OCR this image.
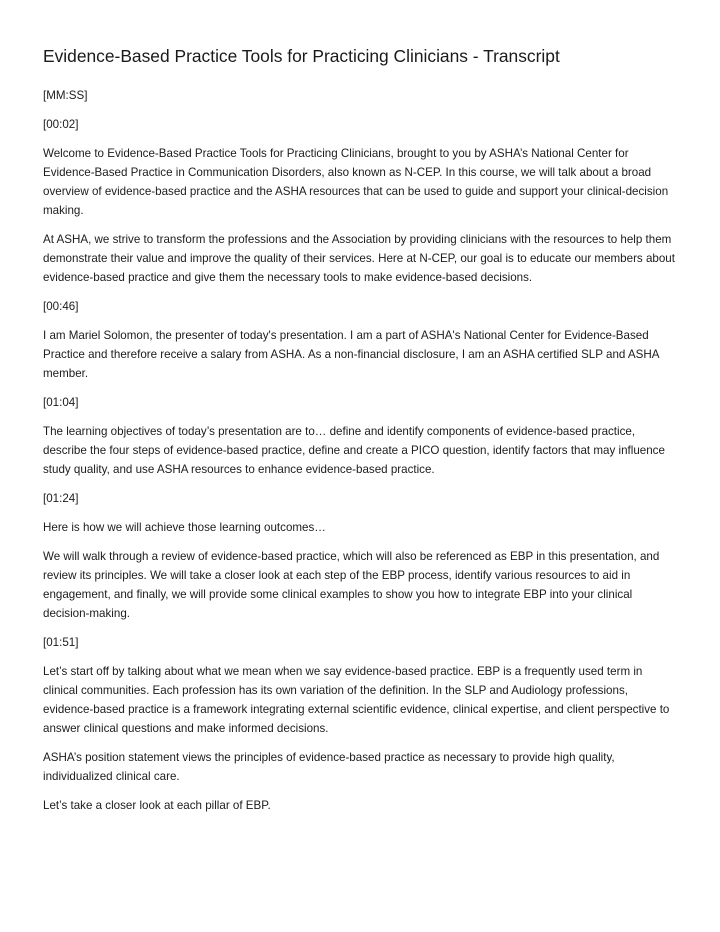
Evidence-Based Practice Tools for Practicing Clinicians - Transcript

[MM:SS]

[00:02]

Welcome to Evidence-Based Practice Tools for Practicing Clinicians, brought to you by ASHA’s National Center for Evidence-Based Practice in Communication Disorders, also known as N-CEP. In this course, we will talk about a broad overview of evidence-based practice and the ASHA resources that can be used to guide and support your clinical-decision making.

At ASHA, we strive to transform the professions and the Association by providing clinicians with the resources to help them demonstrate their value and improve the quality of their services. Here at N-CEP, our goal is to educate our members about evidence-based practice and give them the necessary tools to make evidence-based decisions.

[00:46]

I am Mariel Solomon, the presenter of today's presentation. I am a part of ASHA's National Center for Evidence-Based Practice and therefore receive a salary from ASHA. As a non-financial disclosure, I am an ASHA certified SLP and ASHA member.

[01:04]

The learning objectives of today’s presentation are to… define and identify components of evidence-based practice, describe the four steps of evidence-based practice, define and create a PICO question, identify factors that may influence study quality, and use ASHA resources to enhance evidence-based practice.

[01:24]

Here is how we will achieve those learning outcomes…

We will walk through a review of evidence-based practice, which will also be referenced as EBP in this presentation, and review its principles. We will take a closer look at each step of the EBP process, identify various resources to aid in engagement, and finally, we will provide some clinical examples to show you how to integrate EBP into your clinical decision-making.

[01:51]

Let’s start off by talking about what we mean when we say evidence-based practice. EBP is a frequently used term in clinical communities. Each profession has its own variation of the definition. In the SLP and Audiology professions, evidence-based practice is a framework integrating external scientific evidence, clinical expertise, and client perspective to answer clinical questions and make informed decisions.

ASHA’s position statement views the principles of evidence-based practice as necessary to provide high quality, individualized clinical care.

Let’s take a closer look at each pillar of EBP.
